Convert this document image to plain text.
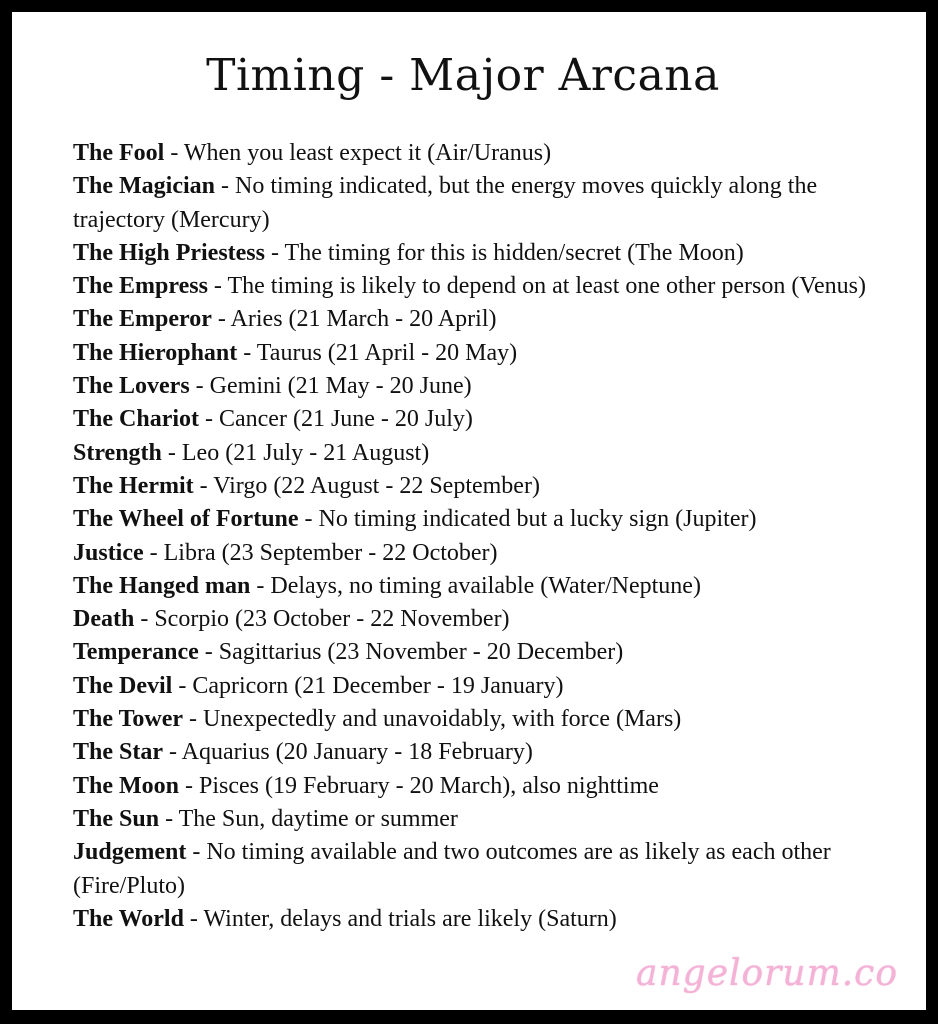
Timing - Major Arcana

The Fool - When you least expect it (Air/Uranus)

The Magician - No timing indicated, but the energy moves quickly along the trajectory (Mercury)

The High Priestess - The timing for this is hidden/secret (The Moon)

The Empress - The timing is likely to depend on at least one other person (Venus)

The Emperor - Aries (21 March - 20 April)

The Hierophant - Taurus (21 April - 20 May)

The Lovers - Gemini (21 May - 20 June)

The Chariot - Cancer (21 June - 20 July)

Strength - Leo (21 July - 21 August)

The Hermit - Virgo (22 August - 22 September)

The Wheel of Fortune - No timing indicated but a lucky sign (Jupiter)

Justice - Libra (23 September - 22 October)

The Hanged man - Delays, no timing available (Water/Neptune)

Death - Scorpio (23 October - 22 November)

Temperance - Sagittarius (23 November - 20 December)

The Devil - Capricorn (21 December - 19 January)

The Tower - Unexpectedly and unavoidably, with force (Mars)

The Star - Aquarius (20 January - 18 February)

The Moon - Pisces (19 February - 20 March), also nighttime

The Sun - The Sun, daytime or summer

Judgement - No timing available and two outcomes are as likely as each other (Fire/Pluto)

The World - Winter, delays and trials are likely (Saturn)

angelorum.co
